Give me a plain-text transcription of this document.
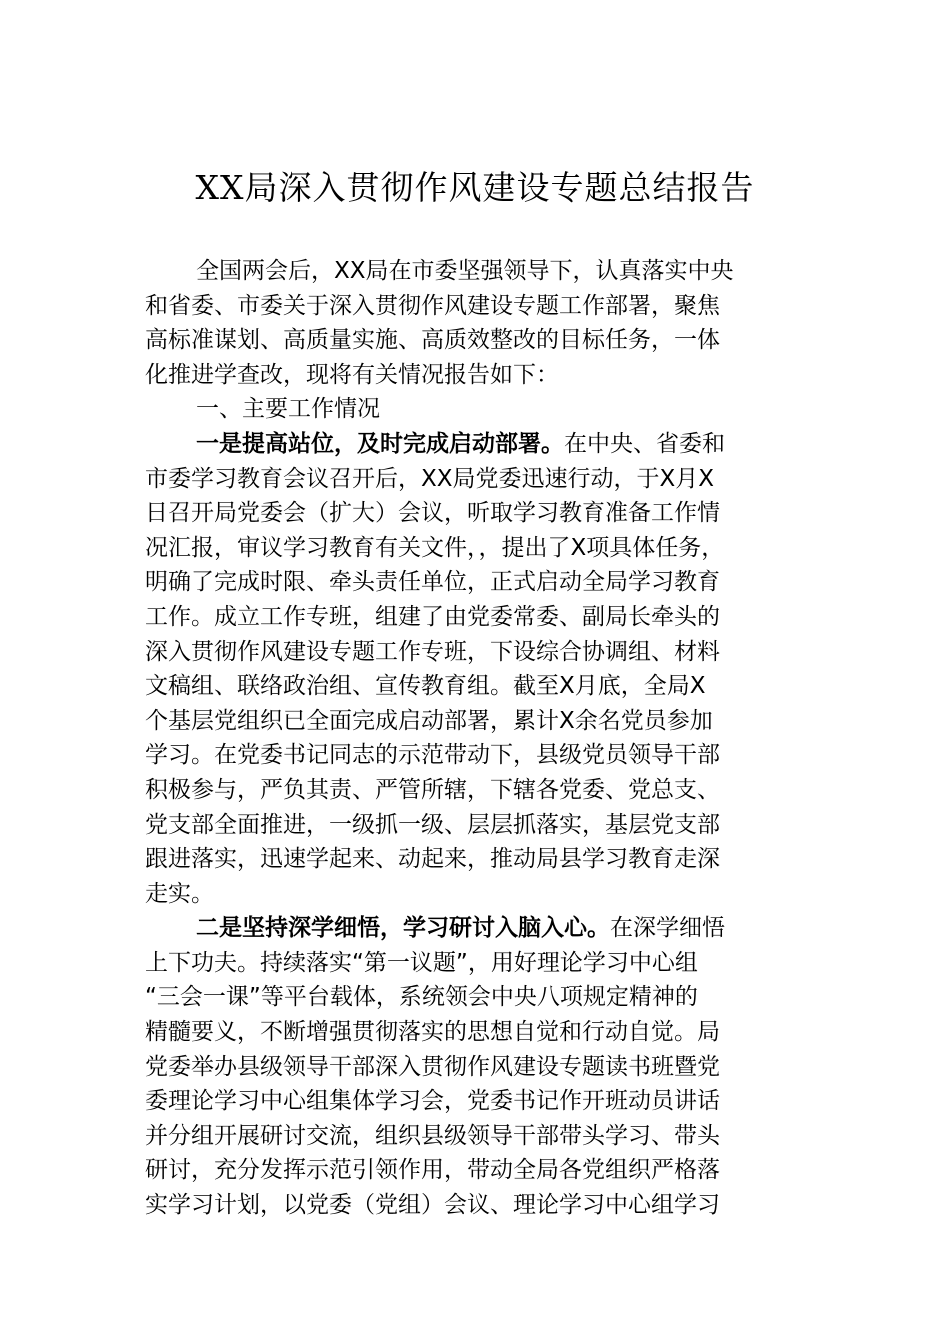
XX局深入贯彻作风建设专题总结报告
全国两会后，XX局在市委坚强领导下，认真落实中央
和省委、市委关于深入贯彻作风建设专题工作部署，聚焦
高标准谋划、高质量实施、高质效整改的目标任务，一体
化推进学查改，现将有关情况报告如下：
一、主要工作情况
一是提高站位，及时完成启动部署。在中央、省委和
市委学习教育会议召开后，XX局党委迅速行动，于X月X
日召开局党委会（扩大）会议，听取学习教育准备工作情
况汇报，审议学习教育有关文件，，提出了X项具体任务，
明确了完成时限、牵头责任单位，正式启动全局学习教育
工作。成立工作专班，组建了由党委常委、副局长牵头的
深入贯彻作风建设专题工作专班，下设综合协调组、材料
文稿组、联络政治组、宣传教育组。截至X月底，全局X
个基层党组织已全面完成启动部署，累计X余名党员参加
学习。在党委书记同志的示范带动下，县级党员领导干部
积极参与，严负其责、严管所辖，下辖各党委、党总支、
党支部全面推进，一级抓一级、层层抓落实，基层党支部
跟进落实，迅速学起来、动起来，推动局县学习教育走深
走实。
二是坚持深学细悟，学习研讨入脑入心。在深学细悟
上下功夫。持续落实“第一议题”，用好理论学习中心组
“三会一课”等平台载体，系统领会中央八项规定精神的
精髓要义，不断增强贯彻落实的思想自觉和行动自觉。局
党委举办县级领导干部深入贯彻作风建设专题读书班暨党
委理论学习中心组集体学习会，党委书记作开班动员讲话
并分组开展研讨交流，组织县级领导干部带头学习、带头
研讨，充分发挥示范引领作用，带动全局各党组织严格落
实学习计划，以党委（党组）会议、理论学习中心组学习
